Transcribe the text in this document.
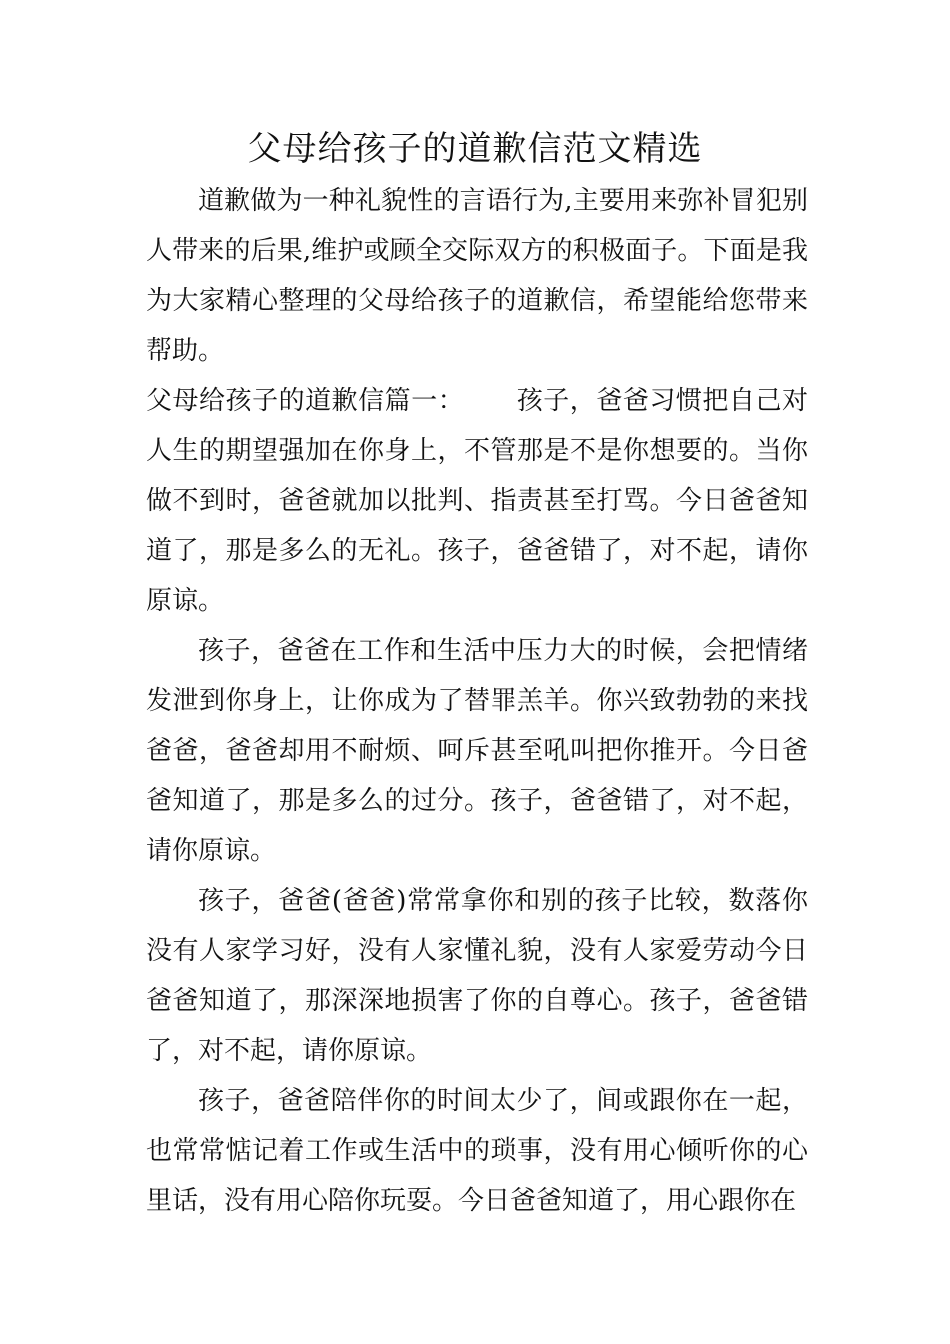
父母给孩子的道歉信范文精选

道歉做为一种礼貌性的言语行为,主要用来弥补冒犯别人带来的后果,维护或顾全交际双方的积极面子。下面是我为大家精心整理的父母给孩子的道歉信，希望能给您带来帮助。

父母给孩子的道歉信篇一： 孩子，爸爸习惯把自己对人生的期望强加在你身上，不管那是不是你想要的。当你做不到时，爸爸就加以批判、指责甚至打骂。今日爸爸知道了，那是多么的无礼。孩子，爸爸错了，对不起，请你原谅。

孩子，爸爸在工作和生活中压力大的时候，会把情绪发泄到你身上，让你成为了替罪羔羊。你兴致勃勃的来找爸爸，爸爸却用不耐烦、呵斥甚至吼叫把你推开。今日爸爸知道了，那是多么的过分。孩子，爸爸错了，对不起，请你原谅。

孩子，爸爸(爸爸)常常拿你和别的孩子比较，数落你没有人家学习好，没有人家懂礼貌，没有人家爱劳动今日爸爸知道了，那深深地损害了你的自尊心。孩子，爸爸错了，对不起，请你原谅。

孩子，爸爸陪伴你的时间太少了，间或跟你在一起，也常常惦记着工作或生活中的琐事，没有用心倾听你的心里话，没有用心陪你玩耍。今日爸爸知道了，用心跟你在
